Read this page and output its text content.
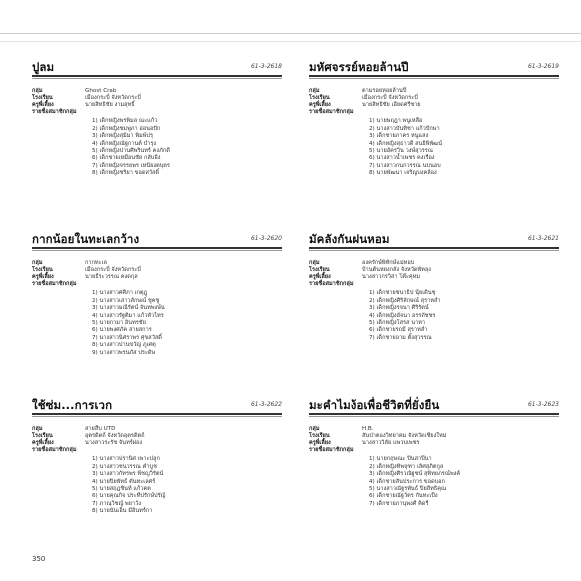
ปูลม	61-3-2618
กลุ่ม	Ghost Crab
โรงเรียน	เมืองกระบี่ จังหวัดกระบี่
ครูพี่เลี้ยง	นายสิทธิชัย งามสุทธิ์
รายชื่อสมาชิกกลุ่ม
1) เด็กหญิงพรพิมล ณะแก้ว
2) เด็กหญิงชมพู่ภา อ่อนอปัก
3) เด็กหญิงสุมิมา พิมพ์ปรุ
4) เด็กหญิงณัฐกานต์ บำรุง
5) เด็กหญิงปานศิพรินทร์ คงภักดี
6) เด็กชายเหมือนชัย กลับอีง
7) เด็กหญิงจรรยพร เหนียงตบุตร
8) เด็กหญิงชริยา ขอดสวัสดิ์
มหัศจรรย์หอยล้านปี	61-3-2619
กลุ่ม	ตามรอยหอยล้านปี
โรงเรียน	เมืองกระบี่ จังหวัดกระบี่
ครูพี่เลี้ยง	นายสิทธิชัย เอียดศรีชาย
รายชื่อสมาชิกกลุ่ม
1) นายพฤฎา พนูเหลือ
2) นางสาวบันทิชา แก้วปักษา
3) เด็กชายภาคร หนูแสง
4) เด็กหญิงสุธาวดี สนธิพิพัฒน์
5) นายอัครวิน วงษ์สุวรรณ
6) นางสาวน้ำเพชร คงเรือง
7) นางสาวกนกวรรณ นบนอบ
8) นายพัฒนา เจริญบงคล้อง
กากน้อยในทะเลกว้าง	61-3-2620
กลุ่ม	กากทะเล
โรงเรียน	เมืองกระบี่ จังหวัดกระบี่
ครูพี่เลี้ยง	นายธีระวรรณ คงดกุล
รายชื่อสมาชิกกลุ่ม
1) นางสาวศศิภา เกตุฎู
2) นางสาวเสาวลักษณ์ ชูคชู
3) นางสาวมณีรัตน์ จันทพงษ์น
4) นางสาวรัฐติมา แก้วหัวไทร
5) นายกามา อินทรชัย
6) นายพงศภัค สายสการ
7) นางสาวนิศราพร ศุขสวัสดิ์
8) นางสาวปานขวัญ ภูเศตุ
9) นางสาวพรนภัส ประดิษ
มัคลังกันฝนหอม	61-3-2621
กลุ่ม	องครักษ์พิทักษ์แม่หอบ
โรงเรียน	บ้านต้นหยงกลัง จังหวัดพัทลุง
ครูพี่เลี้ยง	นางสาวกรวิสา โต๊ะคุหม
รายชื่อสมาชิกกลุ่ม
1) เด็กชายชนาธิป นุ้ยเดินชุ
2) เด็กหญิงศิริลักษณ์ สุราหลำ
3) เด็กหญิงรจนา ศิริรัตน์
4) เด็กหญิงอัจนา อรรถัชชร
5) เด็กหญิงโสรส นาหา
6) เด็กชายรถมี สุราหลำ
7) เด็กชายอาม ตั้งสุวรรณ
ใช้ซ่ม...การเวก	61-3-2622
กลุ่ม	สายสืบ UTD
โรงเรียน	อุตรดิตถ์ จังหวัดอุตรดิตถ์
ครูพี่เลี้ยง	นางสาวระรัช จันทร์ผ่อง
รายชื่อสมาชิกกลุ่ม
1) นางสาวปรานิศ เพาะปลูก
2) นางสาวชนวรรณ คำบูช
3) นางสาวกัทรพร พีชญวิรัตน์
4) นายปิยพัทธ์ ตันทะเลศร์
5) นายสฤฎชินท์ แก้วคต
6) นายคุณกิจ ประทีปรักษ์ปรัญ์
7) ภาณุวิชญ์ พยาวัง
8) นายนันเอ็น มีอินทร์กา
มะคำไมง้อเพื่อชีวิตที่ยั่งยืน	61-3-2623
กลุ่ม	H.B.
โรงเรียน	สันป่าตองวิทยาคม จังหวัดเชียงใหม่
ครูพี่เลี้ยง	นางสาววิลัย แพวบเพชร
รายชื่อสมาชิกกลุ่ม
1) นายกฤษณะ ปินสาปีนา
2) เด็กหญิงทิพจุฑา เลิศสุภิตกูล
3) เด็กหญิงศิรวณัฐชน์ สุพิทยภรณ์พงค์
4) เด็กชายสันประการ ขอดบอก
5) นางสาวณัฐรพันธ์ ปิยสิทธิคุณ
6) เด็กชายณัฐวัตร กันทะเป็ง
7) เด็กชายภานุพงศ์ คิดรี
350
